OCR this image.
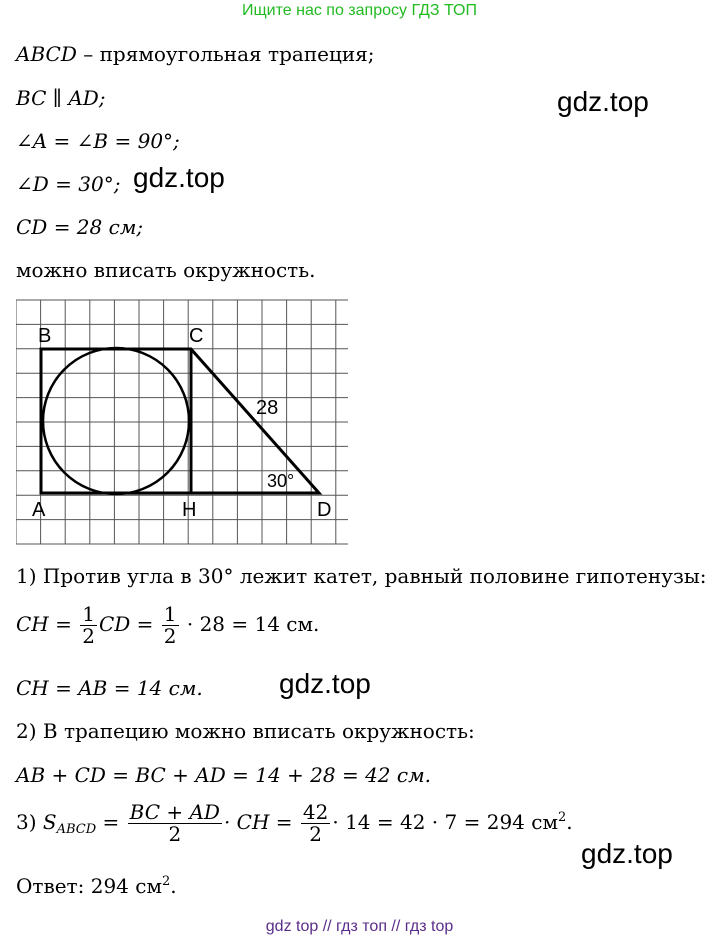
Ищите нас по запросу ГДЗ ТОП
ABCD – прямоугольная трапеция;
BC ∥ AD;
∠A = ∠B = 90°;
∠D = 30°;
CD = 28 см;
можно вписать окружность.
gdz.top
gdz.top
B	C
A	H	D
28
30°
1) Против угла в 30° лежит катет, равный половине гипотенузы:
CH = $\frac{1}{2}$ CD = $\frac{1}{2} \cdot 28 = 14$ см.
CH = AB = 14 см.	gdz.top
2) В трапецию можно вписать окружность:
AB + CD = BC + AD = 14 + 28 = 42 см.
3) $S_{ABCD} = \frac{BC + AD}{2}$ · CH = $\frac{42}{2} \cdot 14 = 42 \cdot 7 = 294$ $см^2$.
gdz.top
Ответ: 294 $см^2$.
gdz top // гдз топ // гдз top
